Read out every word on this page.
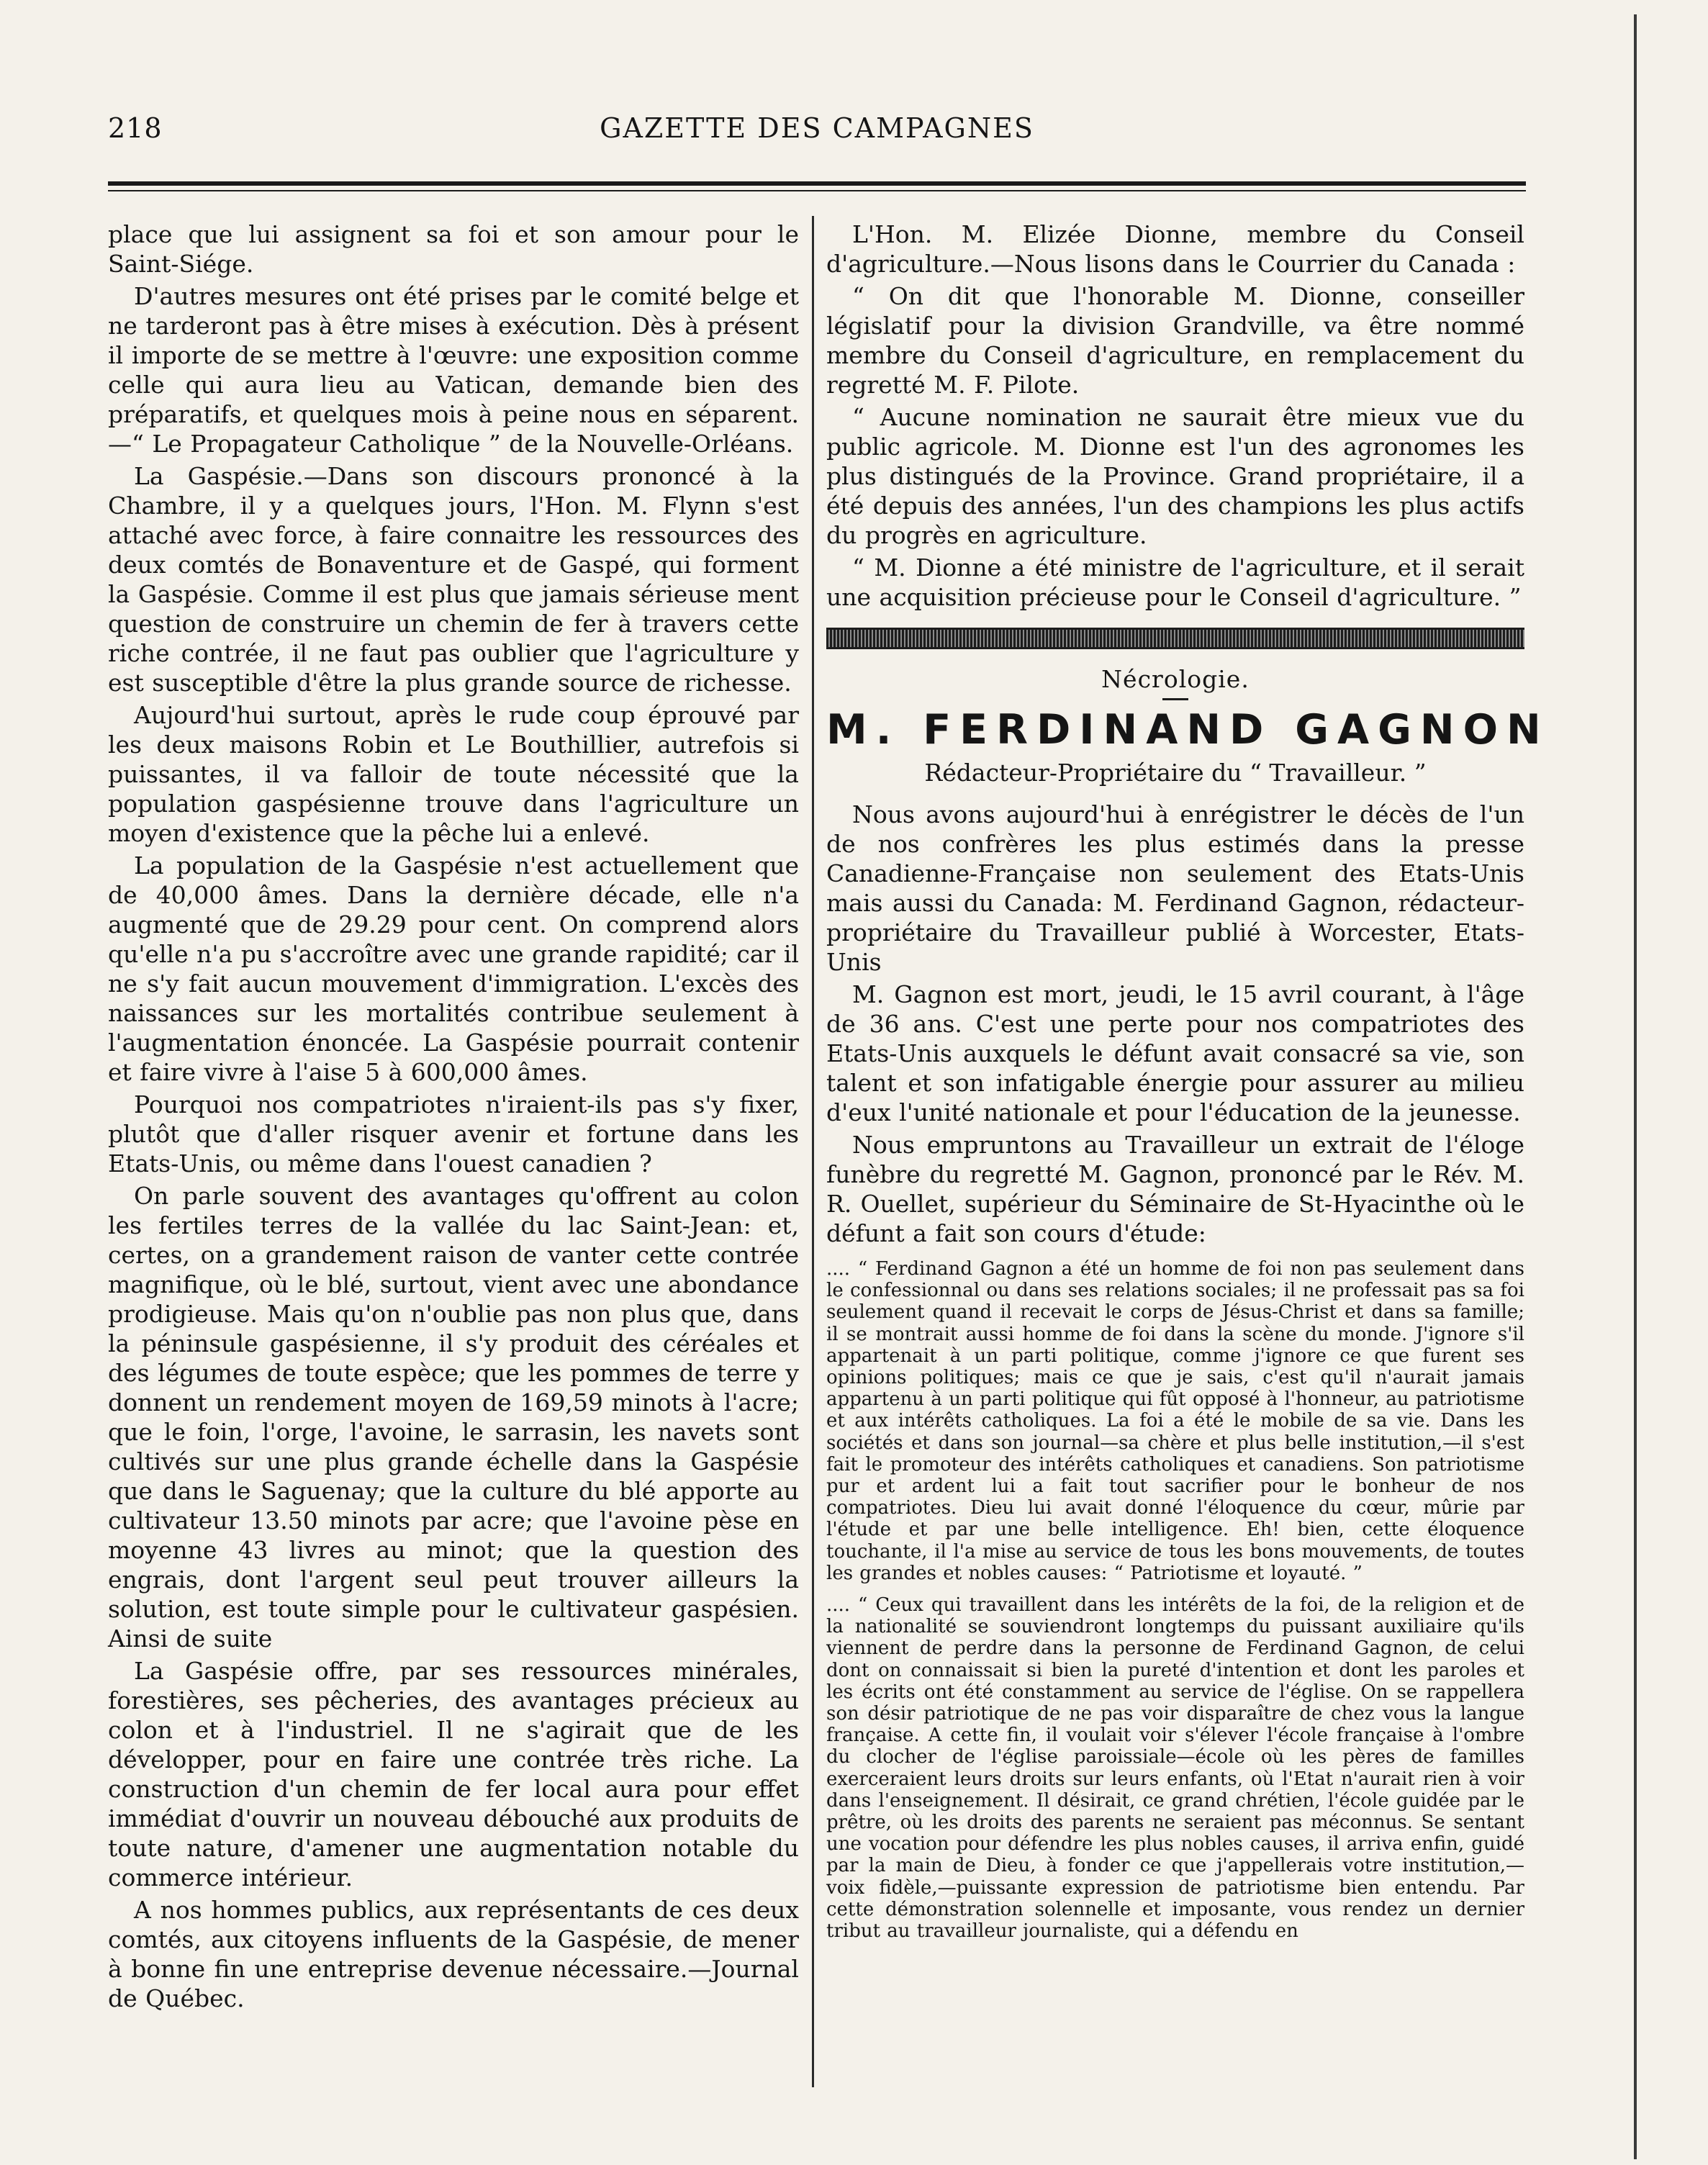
218	GAZETTE DES CAMPAGNES

place que lui assignent sa foi et son amour pour le Saint-Siége.

D'autres mesures ont été prises par le comité belge et ne tarderont pas à être mises à exécution. Dès à présent il importe de se mettre à l'œuvre: une exposition comme celle qui aura lieu au Vatican, demande bien des préparatifs, et quelques mois à peine nous en séparent.—“ Le Propagateur Catholique ” de la Nouvelle-Orléans.

La Gaspésie.—Dans son discours prononcé à la Chambre, il y a quelques jours, l'Hon. M. Flynn s'est attaché avec force, à faire connaitre les ressources des deux comtés de Bonaventure et de Gaspé, qui forment la Gaspésie. Comme il est plus que jamais sérieuse ment question de construire un chemin de fer à travers cette riche contrée, il ne faut pas oublier que l'agriculture y est susceptible d'être la plus grande source de richesse.

Aujourd'hui surtout, après le rude coup éprouvé par les deux maisons Robin et Le Bouthillier, autrefois si puissantes, il va falloir de toute nécessité que la population gaspésienne trouve dans l'agriculture un moyen d'existence que la pêche lui a enlevé.

La population de la Gaspésie n'est actuellement que de 40,000 âmes. Dans la dernière décade, elle n'a augmenté que de 29.29 pour cent. On comprend alors qu'elle n'a pu s'accroître avec une grande rapidité; car il ne s'y fait aucun mouvement d'immigration. L'excès des naissances sur les mortalités contribue seulement à l'augmentation énoncée. La Gaspésie pourrait contenir et faire vivre à l'aise 5 à 600,000 âmes.

Pourquoi nos compatriotes n'iraient-ils pas s'y fixer, plutôt que d'aller risquer avenir et fortune dans les Etats-Unis, ou même dans l'ouest canadien ?

On parle souvent des avantages qu'offrent au colon les fertiles terres de la vallée du lac Saint-Jean: et, certes, on a grandement raison de vanter cette contrée magnifique, où le blé, surtout, vient avec une abondance prodigieuse. Mais qu'on n'oublie pas non plus que, dans la péninsule gaspésienne, il s'y produit des céréales et des légumes de toute espèce; que les pommes de terre y donnent un rendement moyen de 169,59 minots à l'acre; que le foin, l'orge, l'avoine, le sarrasin, les navets sont cultivés sur une plus grande échelle dans la Gaspésie que dans le Saguenay; que la culture du blé apporte au cultivateur 13.50 minots par acre; que l'avoine pèse en moyenne 43 livres au minot; que la question des engrais, dont l'argent seul peut trouver ailleurs la solution, est toute simple pour le cultivateur gaspésien. Ainsi de suite

La Gaspésie offre, par ses ressources minérales, forestières, ses pêcheries, des avantages précieux au colon et à l'industriel. Il ne s'agirait que de les développer, pour en faire une contrée très riche. La construction d'un chemin de fer local aura pour effet immédiat d'ouvrir un nouveau débouché aux produits de toute nature, d'amener une augmentation notable du commerce intérieur.

A nos hommes publics, aux représentants de ces deux comtés, aux citoyens influents de la Gaspésie, de mener à bonne fin une entreprise devenue nécessaire.—Journal de Québec.

L'Hon. M. Elizée Dionne, membre du Conseil d'agriculture.—Nous lisons dans le Courrier du Canada :

“ On dit que l'honorable M. Dionne, conseiller législatif pour la division Grandville, va être nommé membre du Conseil d'agriculture, en remplacement du regretté M. F. Pilote.

“ Aucune nomination ne saurait être mieux vue du public agricole. M. Dionne est l'un des agronomes les plus distingués de la Province. Grand propriétaire, il a été depuis des années, l'un des champions les plus actifs du progrès en agriculture.

“ M. Dionne a été ministre de l'agriculture, et il serait une acquisition précieuse pour le Conseil d'agriculture. ”

Nécrologie.
M. FERDINAND GAGNON
Rédacteur-Propriétaire du “ Travailleur. ”

Nous avons aujourd'hui à enrégistrer le décès de l'un de nos confrères les plus estimés dans la presse Canadienne-Française non seulement des Etats-Unis mais aussi du Canada: M. Ferdinand Gagnon, rédacteur-propriétaire du Travailleur publié à Worcester, Etats-Unis

M. Gagnon est mort, jeudi, le 15 avril courant, à l'âge de 36 ans. C'est une perte pour nos compatriotes des Etats-Unis auxquels le défunt avait consacré sa vie, son talent et son infatigable énergie pour assurer au milieu d'eux l'unité nationale et pour l'éducation de la jeunesse.

Nous empruntons au Travailleur un extrait de l'éloge funèbre du regretté M. Gagnon, prononcé par le Rév. M. R. Ouellet, supérieur du Séminaire de St-Hyacinthe où le défunt a fait son cours d'étude:

.... “ Ferdinand Gagnon a été un homme de foi non pas seulement dans le confessionnal ou dans ses relations sociales; il ne professait pas sa foi seulement quand il recevait le corps de Jésus-Christ et dans sa famille; il se montrait aussi homme de foi dans la scène du monde. J'ignore s'il appartenait à un parti politique, comme j'ignore ce que furent ses opinions politiques; mais ce que je sais, c'est qu'il n'aurait jamais appartenu à un parti politique qui fût opposé à l'honneur, au patriotisme et aux intérêts catholiques. La foi a été le mobile de sa vie. Dans les sociétés et dans son journal—sa chère et plus belle institution,—il s'est fait le promoteur des intérêts catholiques et canadiens. Son patriotisme pur et ardent lui a fait tout sacrifier pour le bonheur de nos compatriotes. Dieu lui avait donné l'éloquence du cœur, mûrie par l'étude et par une belle intelligence. Eh! bien, cette éloquence touchante, il l'a mise au service de tous les bons mouvements, de toutes les grandes et nobles causes: “ Patriotisme et loyauté. ”

.... “ Ceux qui travaillent dans les intérêts de la foi, de la religion et de la nationalité se souviendront longtemps du puissant auxiliaire qu'ils viennent de perdre dans la personne de Ferdinand Gagnon, de celui dont on connaissait si bien la pureté d'intention et dont les paroles et les écrits ont été constamment au service de l'église. On se rappellera son désir patriotique de ne pas voir disparaître de chez vous la langue française. A cette fin, il voulait voir s'élever l'école française à l'ombre du clocher de l'église paroissiale—école où les pères de familles exerceraient leurs droits sur leurs enfants, où l'Etat n'aurait rien à voir dans l'enseignement. Il désirait, ce grand chrétien, l'école guidée par le prêtre, où les droits des parents ne seraient pas méconnus. Se sentant une vocation pour défendre les plus nobles causes, il arriva enfin, guidé par la main de Dieu, à fonder ce que j'appellerais votre institution,—voix fidèle,—puissante expression de patriotisme bien entendu. Par cette démonstration solennelle et imposante, vous rendez un dernier tribut au travailleur journaliste, qui a défendu en
